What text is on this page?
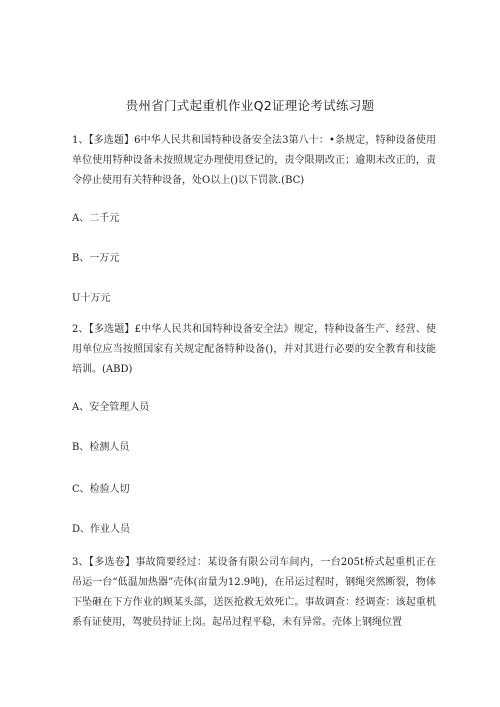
贵州省门式起重机作业Q2证理论考试练习题
1、【多选题】6中华人民共和国特种设备安全法3第八十：•条规定，特种设备使用单位使用特种设备未按照规定办理使用登记的，责令限期改正；逾期未改正的，责令停止使用有关特种设备，处O以上()以下罚款.(BC)
A、二千元
B、一万元
U十万元
2、【多选题】£中华人民共和国特种设备安全法》规定，特种设备生产、经营、使用单位应当按照国家有关规定配备特种设备()，并对其进行必要的安全教育和技能培训。(ABD)
A、安全管理人员
B、检测人员
C、检验人切
D、作业人员
3、【多选卷】事故简要经过：某设备有限公司车间内，一台205t桥式起重机正在吊运一台“低温加热器”壳体(亩量为12.9吨)，在吊运过程时，钢绳突然断裂，物体下坠砸在下方作业的顾某头部，送医抢救无效死亡。事故调查：经调查：该起重机系有证使用，驾驶员持证上岗。起吊过程平稳，未有异常。壳体上钢绳位置
